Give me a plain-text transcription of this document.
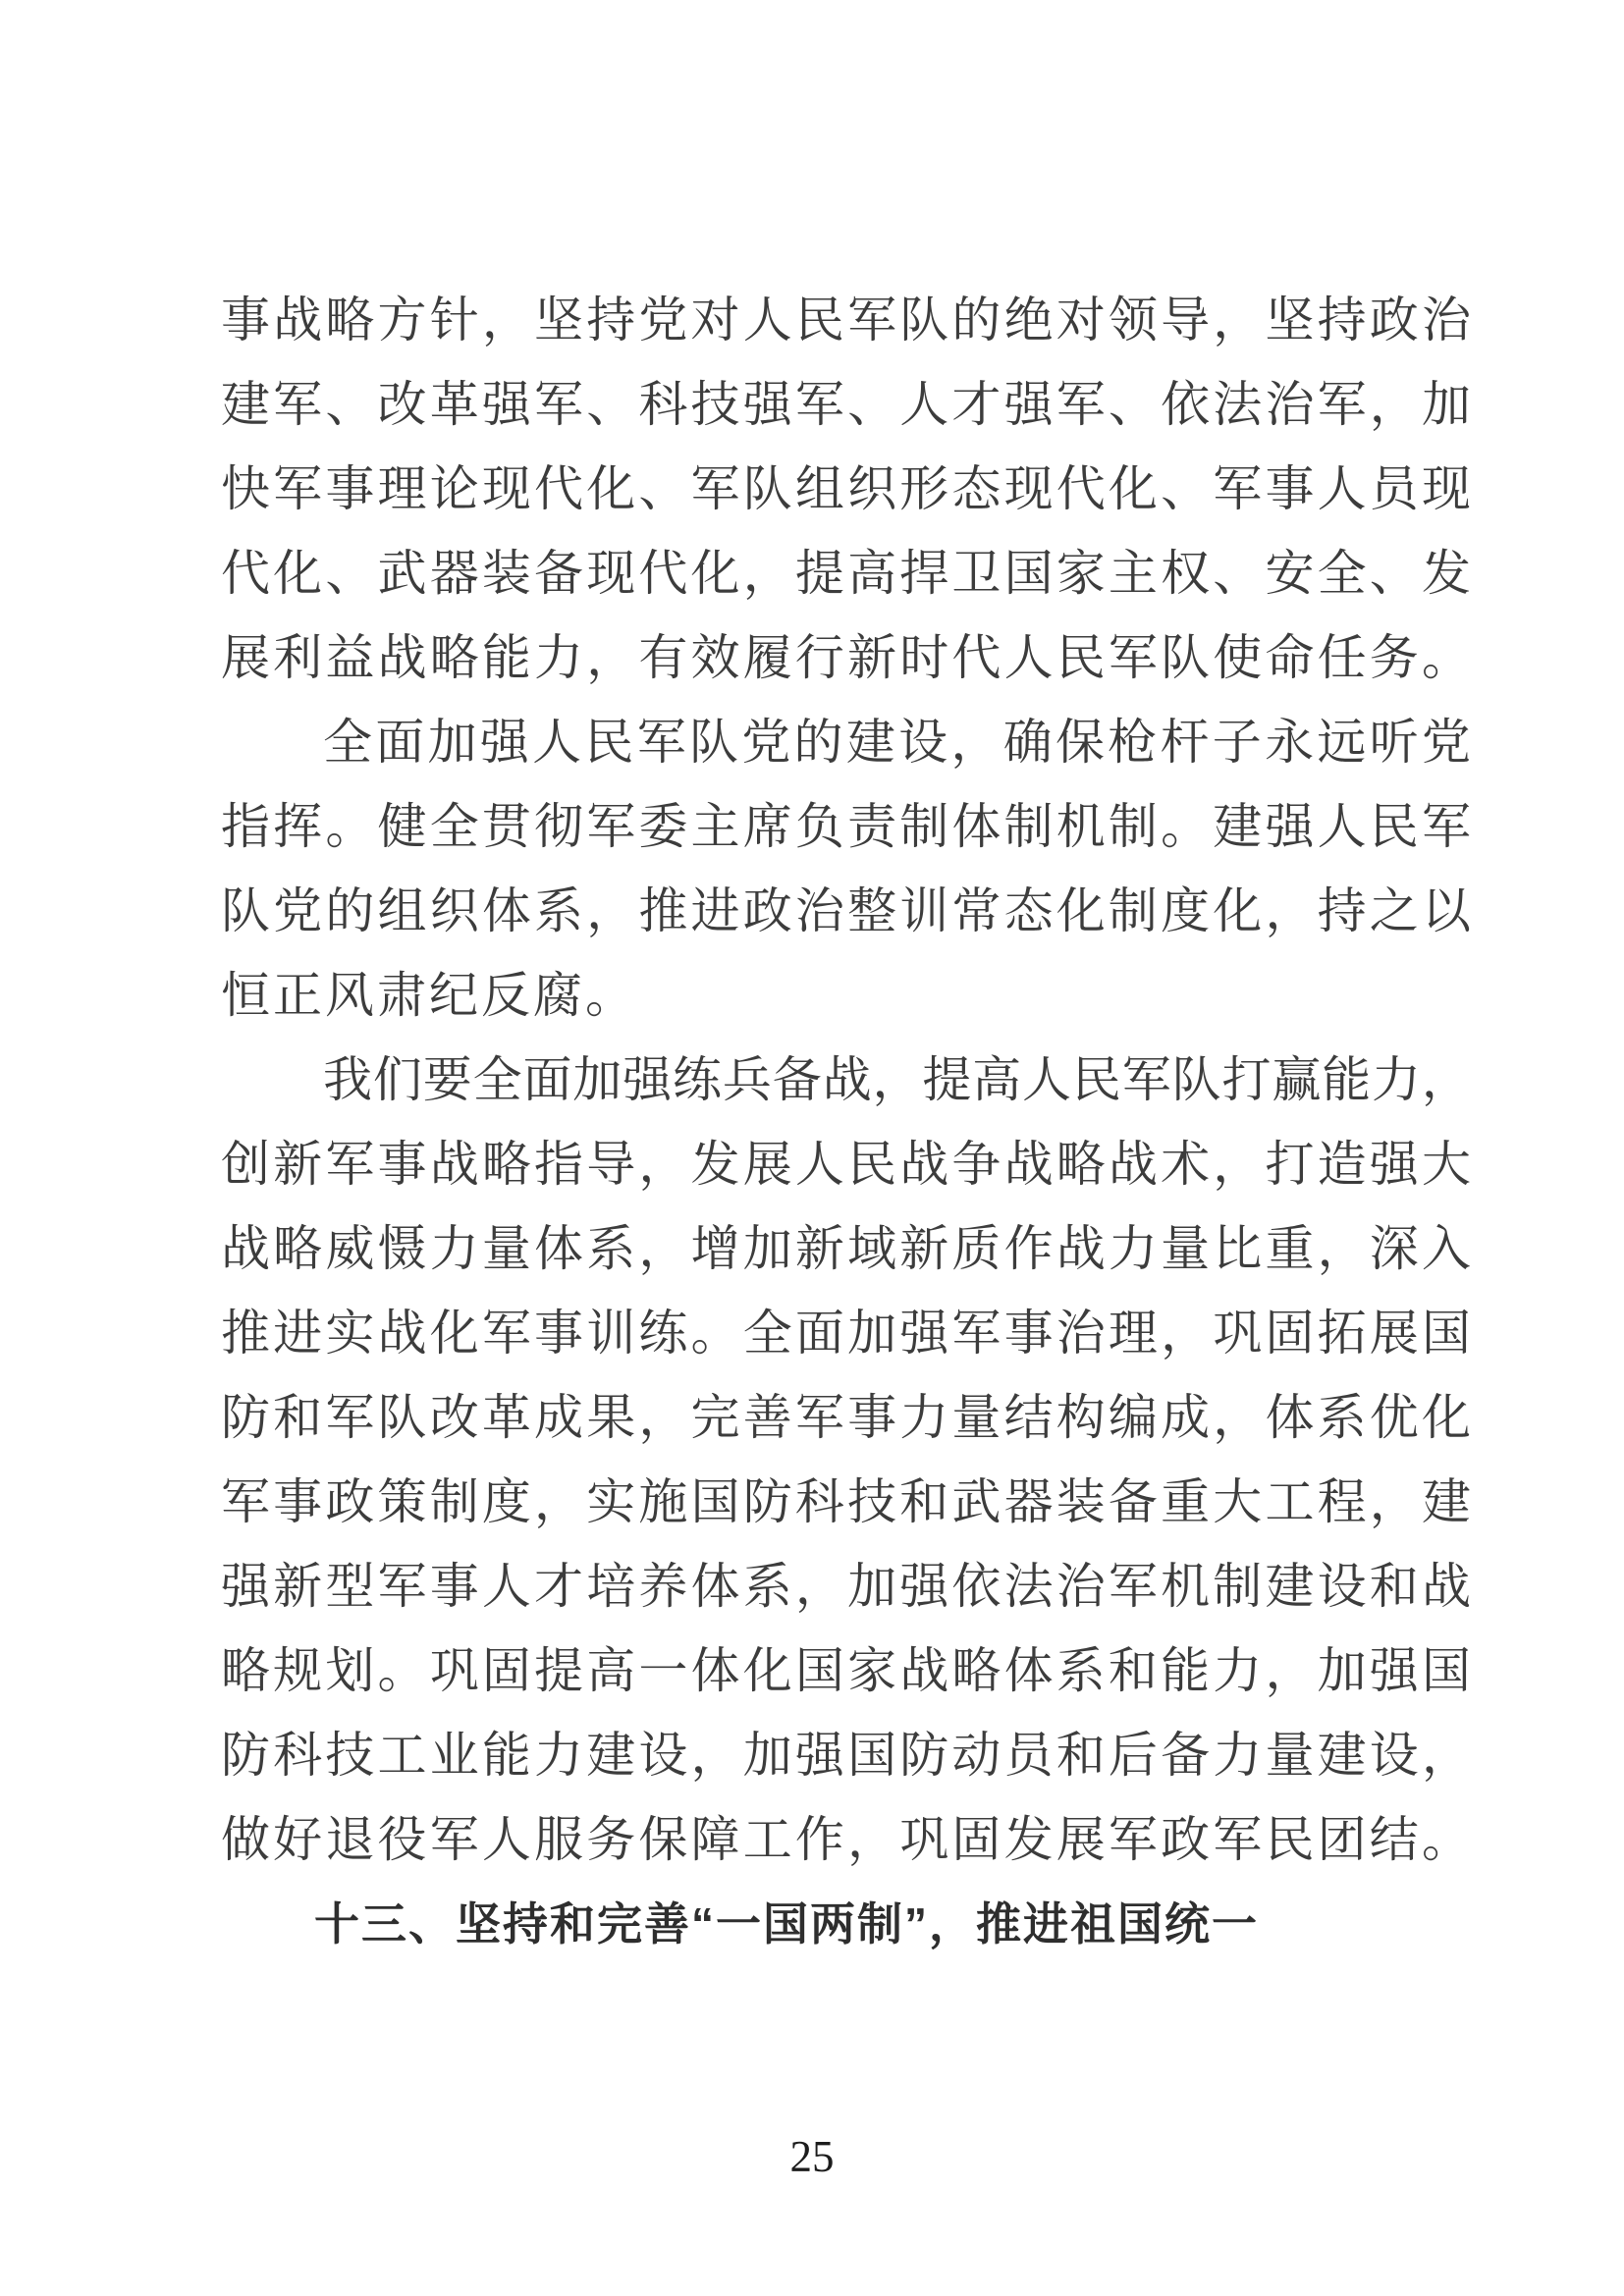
事 战 略 方 针 ， 坚 持 党 对 人 民 军 队 的 绝 对 领 导 ， 坚 持 政 治
建 军 、 改 革 强 军 、 科 技 强 军 、 人 才 强 军 、 依 法 治 军 ， 加
快 军 事 理 论 现 代 化 、 军 队 组 织 形 态 现 代 化 、 军 事 人 员 现
代 化 、 武 器 装 备 现 代 化 ， 提 高 捍 卫 国 家 主 权 、 安 全 、 发
展 利 益 战 略 能 力 ， 有 效 履 行 新 时 代 人 民 军 队 使 命 任 务 。
全 面 加 强 人 民 军 队 党 的 建 设 ， 确 保 枪 杆 子 永 远 听 党
指 挥 。 健 全 贯 彻 军 委 主 席 负 责 制 体 制 机 制 。 建 强 人 民 军
队 党 的 组 织 体 系 ， 推 进 政 治 整 训 常 态 化 制 度 化 ， 持 之 以
恒正风肃纪反腐。
我 们 要 全 面 加 强 练 兵 备 战 ， 提 高 人 民 军 队 打 赢 能 力 ，
创 新 军 事 战 略 指 导 ， 发 展 人 民 战 争 战 略 战 术 ， 打 造 强 大
战 略 威 慑 力 量 体 系 ， 增 加 新 域 新 质 作 战 力 量 比 重 ， 深 入
推 进 实 战 化 军 事 训 练 。 全 面 加 强 军 事 治 理 ， 巩 固 拓 展 国
防 和 军 队 改 革 成 果 ， 完 善 军 事 力 量 结 构 编 成 ， 体 系 优 化
军 事 政 策 制 度 ， 实 施 国 防 科 技 和 武 器 装 备 重 大 工 程 ， 建
强 新 型 军 事 人 才 培 养 体 系 ， 加 强 依 法 治 军 机 制 建 设 和 战
略 规 划 。 巩 固 提 高 一 体 化 国 家 战 略 体 系 和 能 力 ， 加 强 国
防 科 技 工 业 能 力 建 设 ， 加 强 国 防 动 员 和 后 备 力 量 建 设 ，
做 好 退 役 军 人 服 务 保 障 工 作 ， 巩 固 发 展 军 政 军 民 团 结 。
十三、坚持和完善“一国两制”，推进祖国统一
25
